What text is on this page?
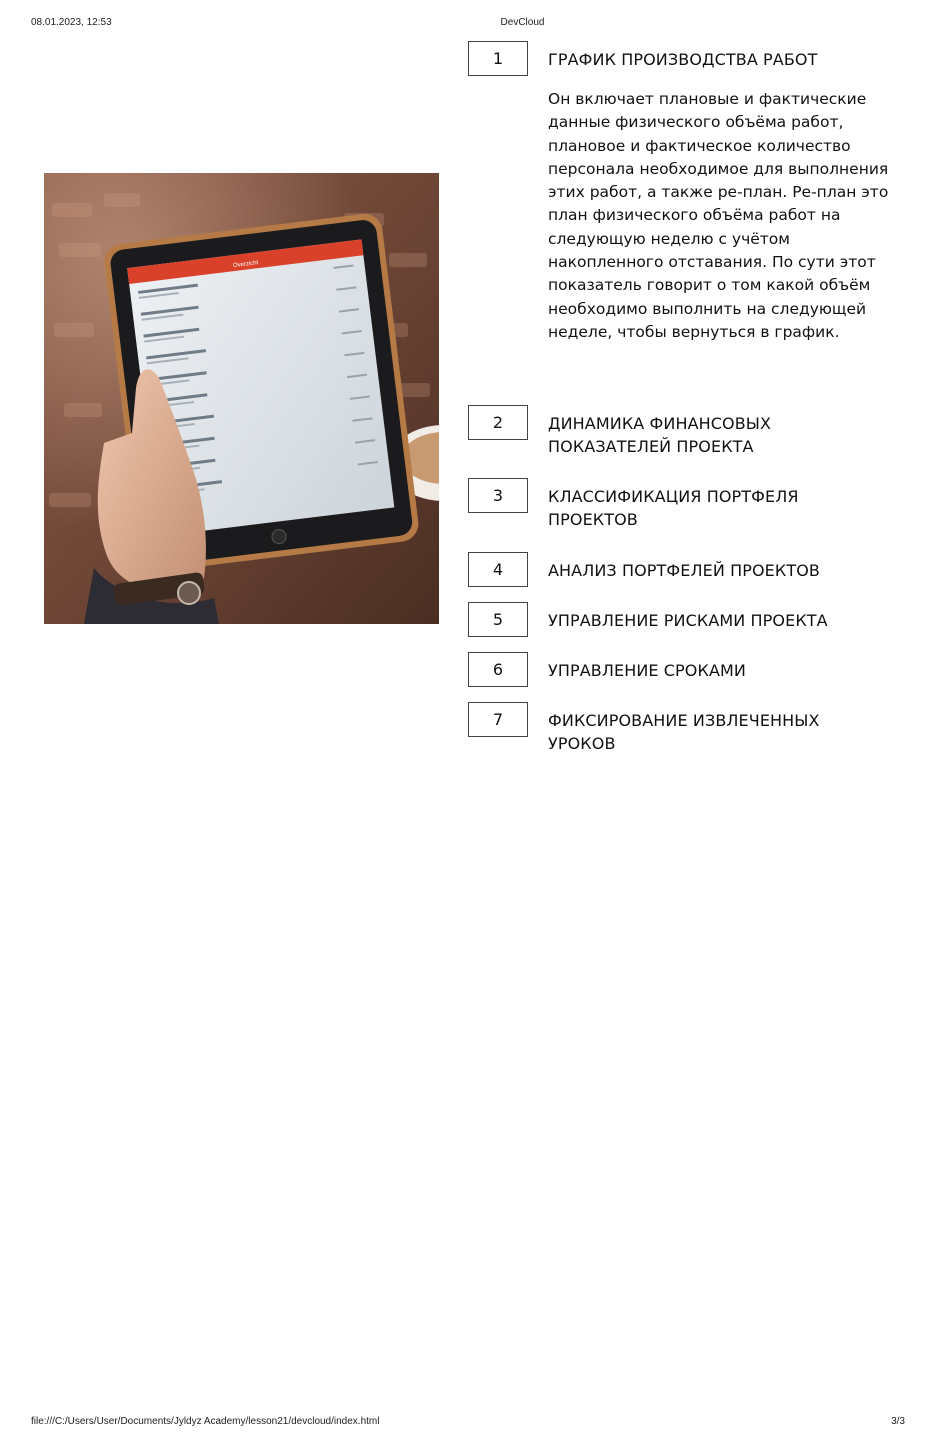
08.01.2023, 12:53	DevCloud
file:///C:/Users/User/Documents/Jyldyz Academy/lesson21/devcloud/index.html	3/3
Overzicht
1	ГРАФИК ПРОИЗВОДСТВА РАБОТ
Он включает плановые и фактические данные физического объёма работ, плановое и фактическое количество персонала необходимое для выполнения этих работ, а также ре-план. Ре-план это план физического объёма работ на следующую неделю с учётом накопленного отставания. По сути этот показатель говорит о том какой объём необходимо выполнить на следующей неделе, чтобы вернуться в график.
2	ДИНАМИКА ФИНАНСОВЫХ ПОКАЗАТЕЛЕЙ ПРОЕКТА
3	КЛАССИФИКАЦИЯ ПОРТФЕЛЯ ПРОЕКТОВ
4	АНАЛИЗ ПОРТФЕЛЕЙ ПРОЕКТОВ
5	УПРАВЛЕНИЕ РИСКАМИ ПРОЕКТА
6	УПРАВЛЕНИЕ СРОКАМИ
7	ФИКСИРОВАНИЕ ИЗВЛЕЧЕННЫХ УРОКОВ
